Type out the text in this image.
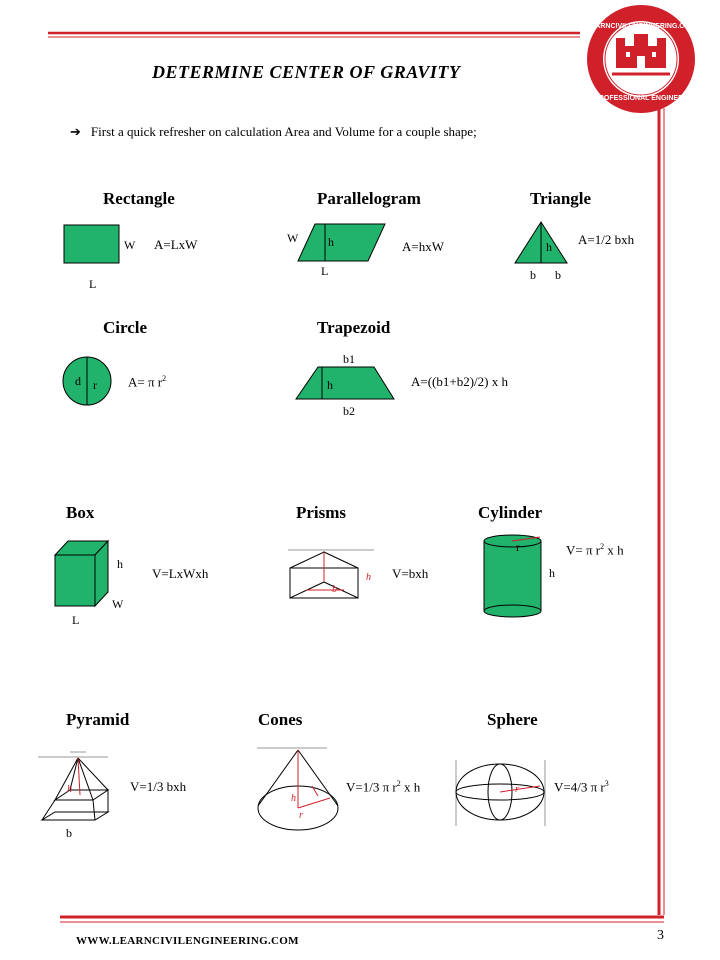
LEARNCIVILENGINEERING.COM
PROFESSIONAL ENGINEER
DETERMINE CENTER OF GRAVITY
➔ First a quick refresher on calculation Area and Volume for a couple shape;
Rectangle
W A=LxW
L
Parallelogram
W h	A=hxW
L
Triangle
h A=1/2 bxh
b b
Circle
d r A= π $r^2$
Trapezoid
b1
h	A=((b1+b2)/2) x h
b2
Box
h
V=LxWxh
W
L
Prisms
h
b
V=bxh
Cylinder
r	V= π $r^2$ x h
h
Pyramid
h	V=1/3 bxh
b
Cones
h
r
V=1/3 π $r^2$ x h
Sphere
r	V=4/3 π $r^3$
WWW.LEARNCIVILENGINEERING.COM	3
